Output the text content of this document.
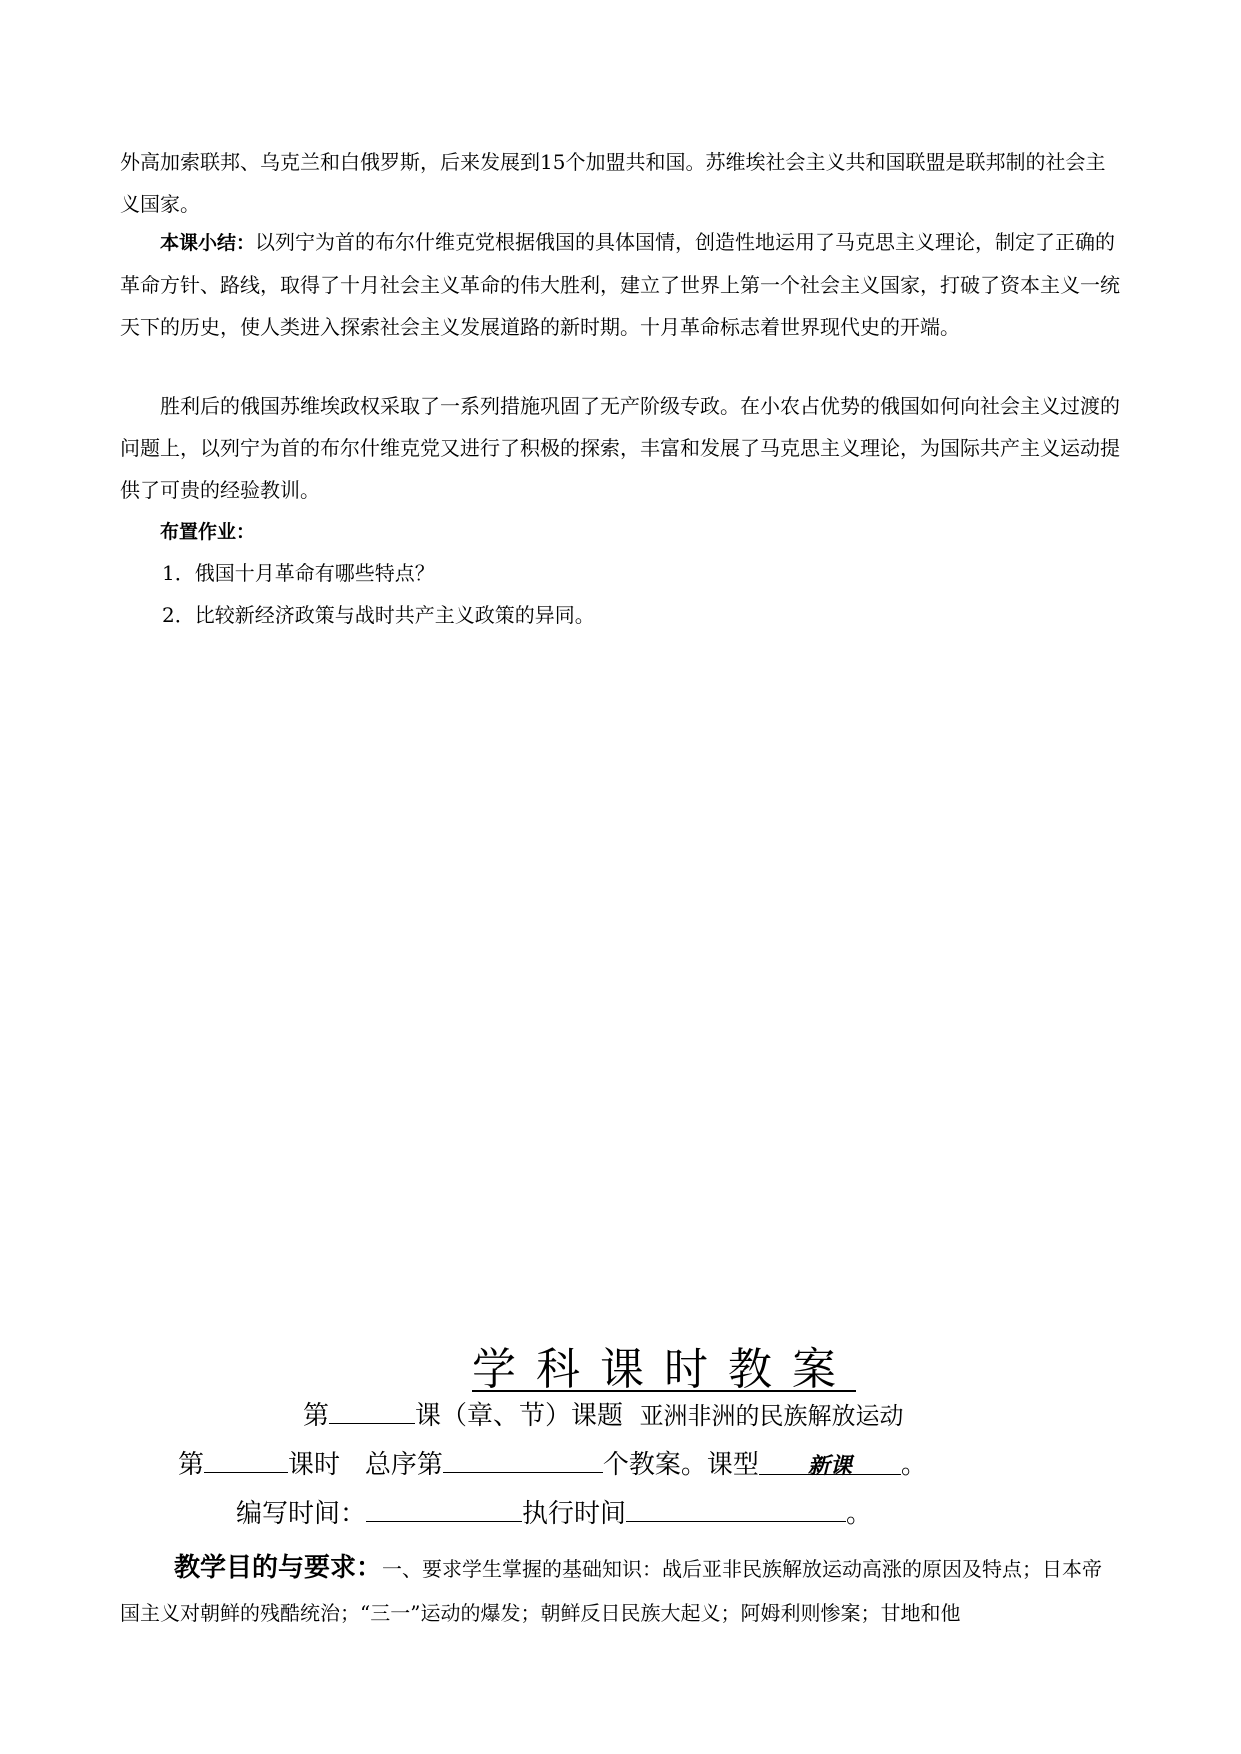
外高加索联邦、乌克兰和白俄罗斯，后来发展到15个加盟共和国。苏维埃社会主义共和国联盟是联邦制的社会主义国家。

本课小结：以列宁为首的布尔什维克党根据俄国的具体国情，创造性地运用了马克思主义理论，制定了正确的革命方针、路线，取得了十月社会主义革命的伟大胜利，建立了世界上第一个社会主义国家，打破了资本主义一统天下的历史，使人类进入探索社会主义发展道路的新时期。十月革命标志着世界现代史的开端。

胜利后的俄国苏维埃政权采取了一系列措施巩固了无产阶级专政。在小农占优势的俄国如何向社会主义过渡的问题上，以列宁为首的布尔什维克党又进行了积极的探索，丰富和发展了马克思主义理论，为国际共产主义运动提供了可贵的经验教训。

布置作业：

1．俄国十月革命有哪些特点？

2．比较新经济政策与战时共产主义政策的异同。

学科课时教案
第	课（章、节）课题 亚洲非洲的民族解放运动
第	课时 总序第	个教案。课型 新课 。
编写时间：	执行时间	。

教学目的与要求：一、要求学生掌握的基础知识：战后亚非民族解放运动高涨的原因及特点；日本帝国主义对朝鲜的残酷统治；“三一”运动的爆发；朝鲜反日民族大起义；阿姆利则惨案；甘地和他
